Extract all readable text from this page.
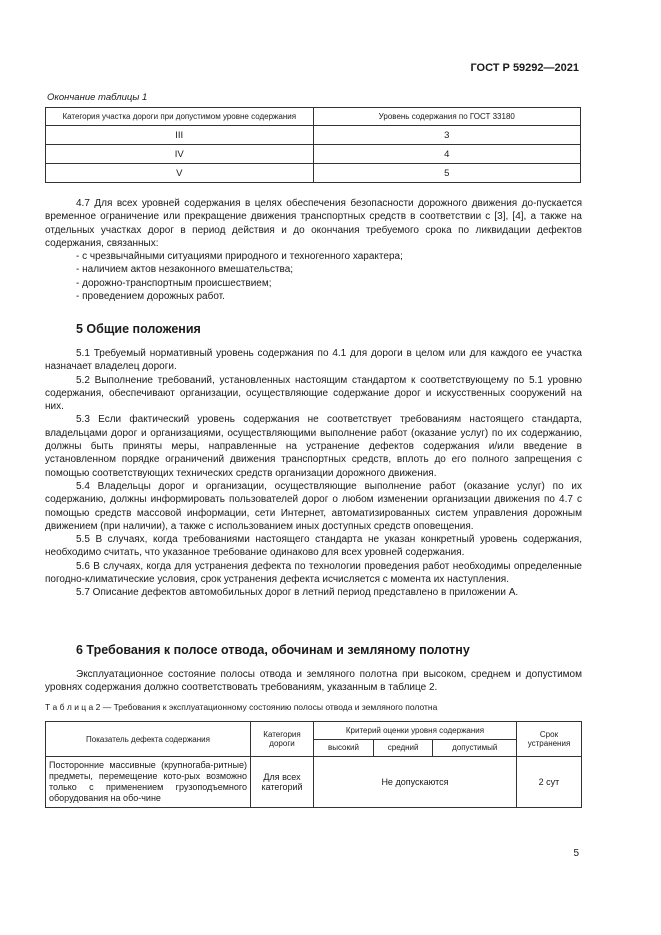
ГОСТ Р 59292—2021
Окончание таблицы 1
Категория участка дороги при допустимом уровне содержания	Уровень содержания по ГОСТ 33180
III	3
IV	4
V	5

4.7 Для всех уровней содержания в целях обеспечения безопасности дорожного движения до-пускается временное ограничение или прекращение движения транспортных средств в соответствии с [3], [4], а также на отдельных участках дорог в период действия и до окончания требуемого срока по ликвидации дефектов содержания, связанных:

- с чрезвычайными ситуациями природного и техногенного характера;
- наличием актов незаконного вмешательства;
- дорожно-транспортным происшествием;
- проведением дорожных работ.
5 Общие положения

5.1 Требуемый нормативный уровень содержания по 4.1 для дороги в целом или для каждого ее участка назначает владелец дороги.

5.2 Выполнение требований, установленных настоящим стандартом к соответствующему по 5.1 уровню содержания, обеспечивают организации, осуществляющие содержание дорог и искусственных сооружений на них.

5.3 Если фактический уровень содержания не соответствует требованиям настоящего стандарта, владельцами дорог и организациями, осуществляющими выполнение работ (оказание услуг) по их содержанию, должны быть приняты меры, направленные на устранение дефектов содержания и/или введение в установленном порядке ограничений движения транспортных средств, вплоть до его полного запрещения с помощью соответствующих технических средств организации дорожного движения.

5.4 Владельцы дорог и организации, осуществляющие выполнение работ (оказание услуг) по их содержанию, должны информировать пользователей дорог о любом изменении организации движения по 4.7 с помощью средств массовой информации, сети Интернет, автоматизированных систем управления дорожным движением (при наличии), а также с использованием иных доступных средств оповещения.

5.5 В случаях, когда требованиями настоящего стандарта не указан конкретный уровень содержания, необходимо считать, что указанное требование одинаково для всех уровней содержания.

5.6 В случаях, когда для устранения дефекта по технологии проведения работ необходимы определенные погодно-климатические условия, срок устранения дефекта исчисляется с момента их наступления.

5.7 Описание дефектов автомобильных дорог в летний период представлено в приложении А.

6 Требования к полосе отвода, обочинам и земляному полотну

Эксплуатационное состояние полосы отвода и земляного полотна при высоком, среднем и допустимом уровнях содержания должно соответствовать требованиям, указанным в таблице 2.

Т а б л и ц а 2 — Требования к эксплуатационному состоянию полосы отвода и земляного полотна
Показатель дефекта содержания	Категория дороги	Критерий оценки уровня содержания			Срок устранения
		высокий	средний	допустимый	
Посторонние массивные (крупногаба-ритные) предметы, перемещение кото-рых возможно только с применением грузоподъемного оборудования на обо-чине	Для всех категорий	Не допускаются			2 сут
5
